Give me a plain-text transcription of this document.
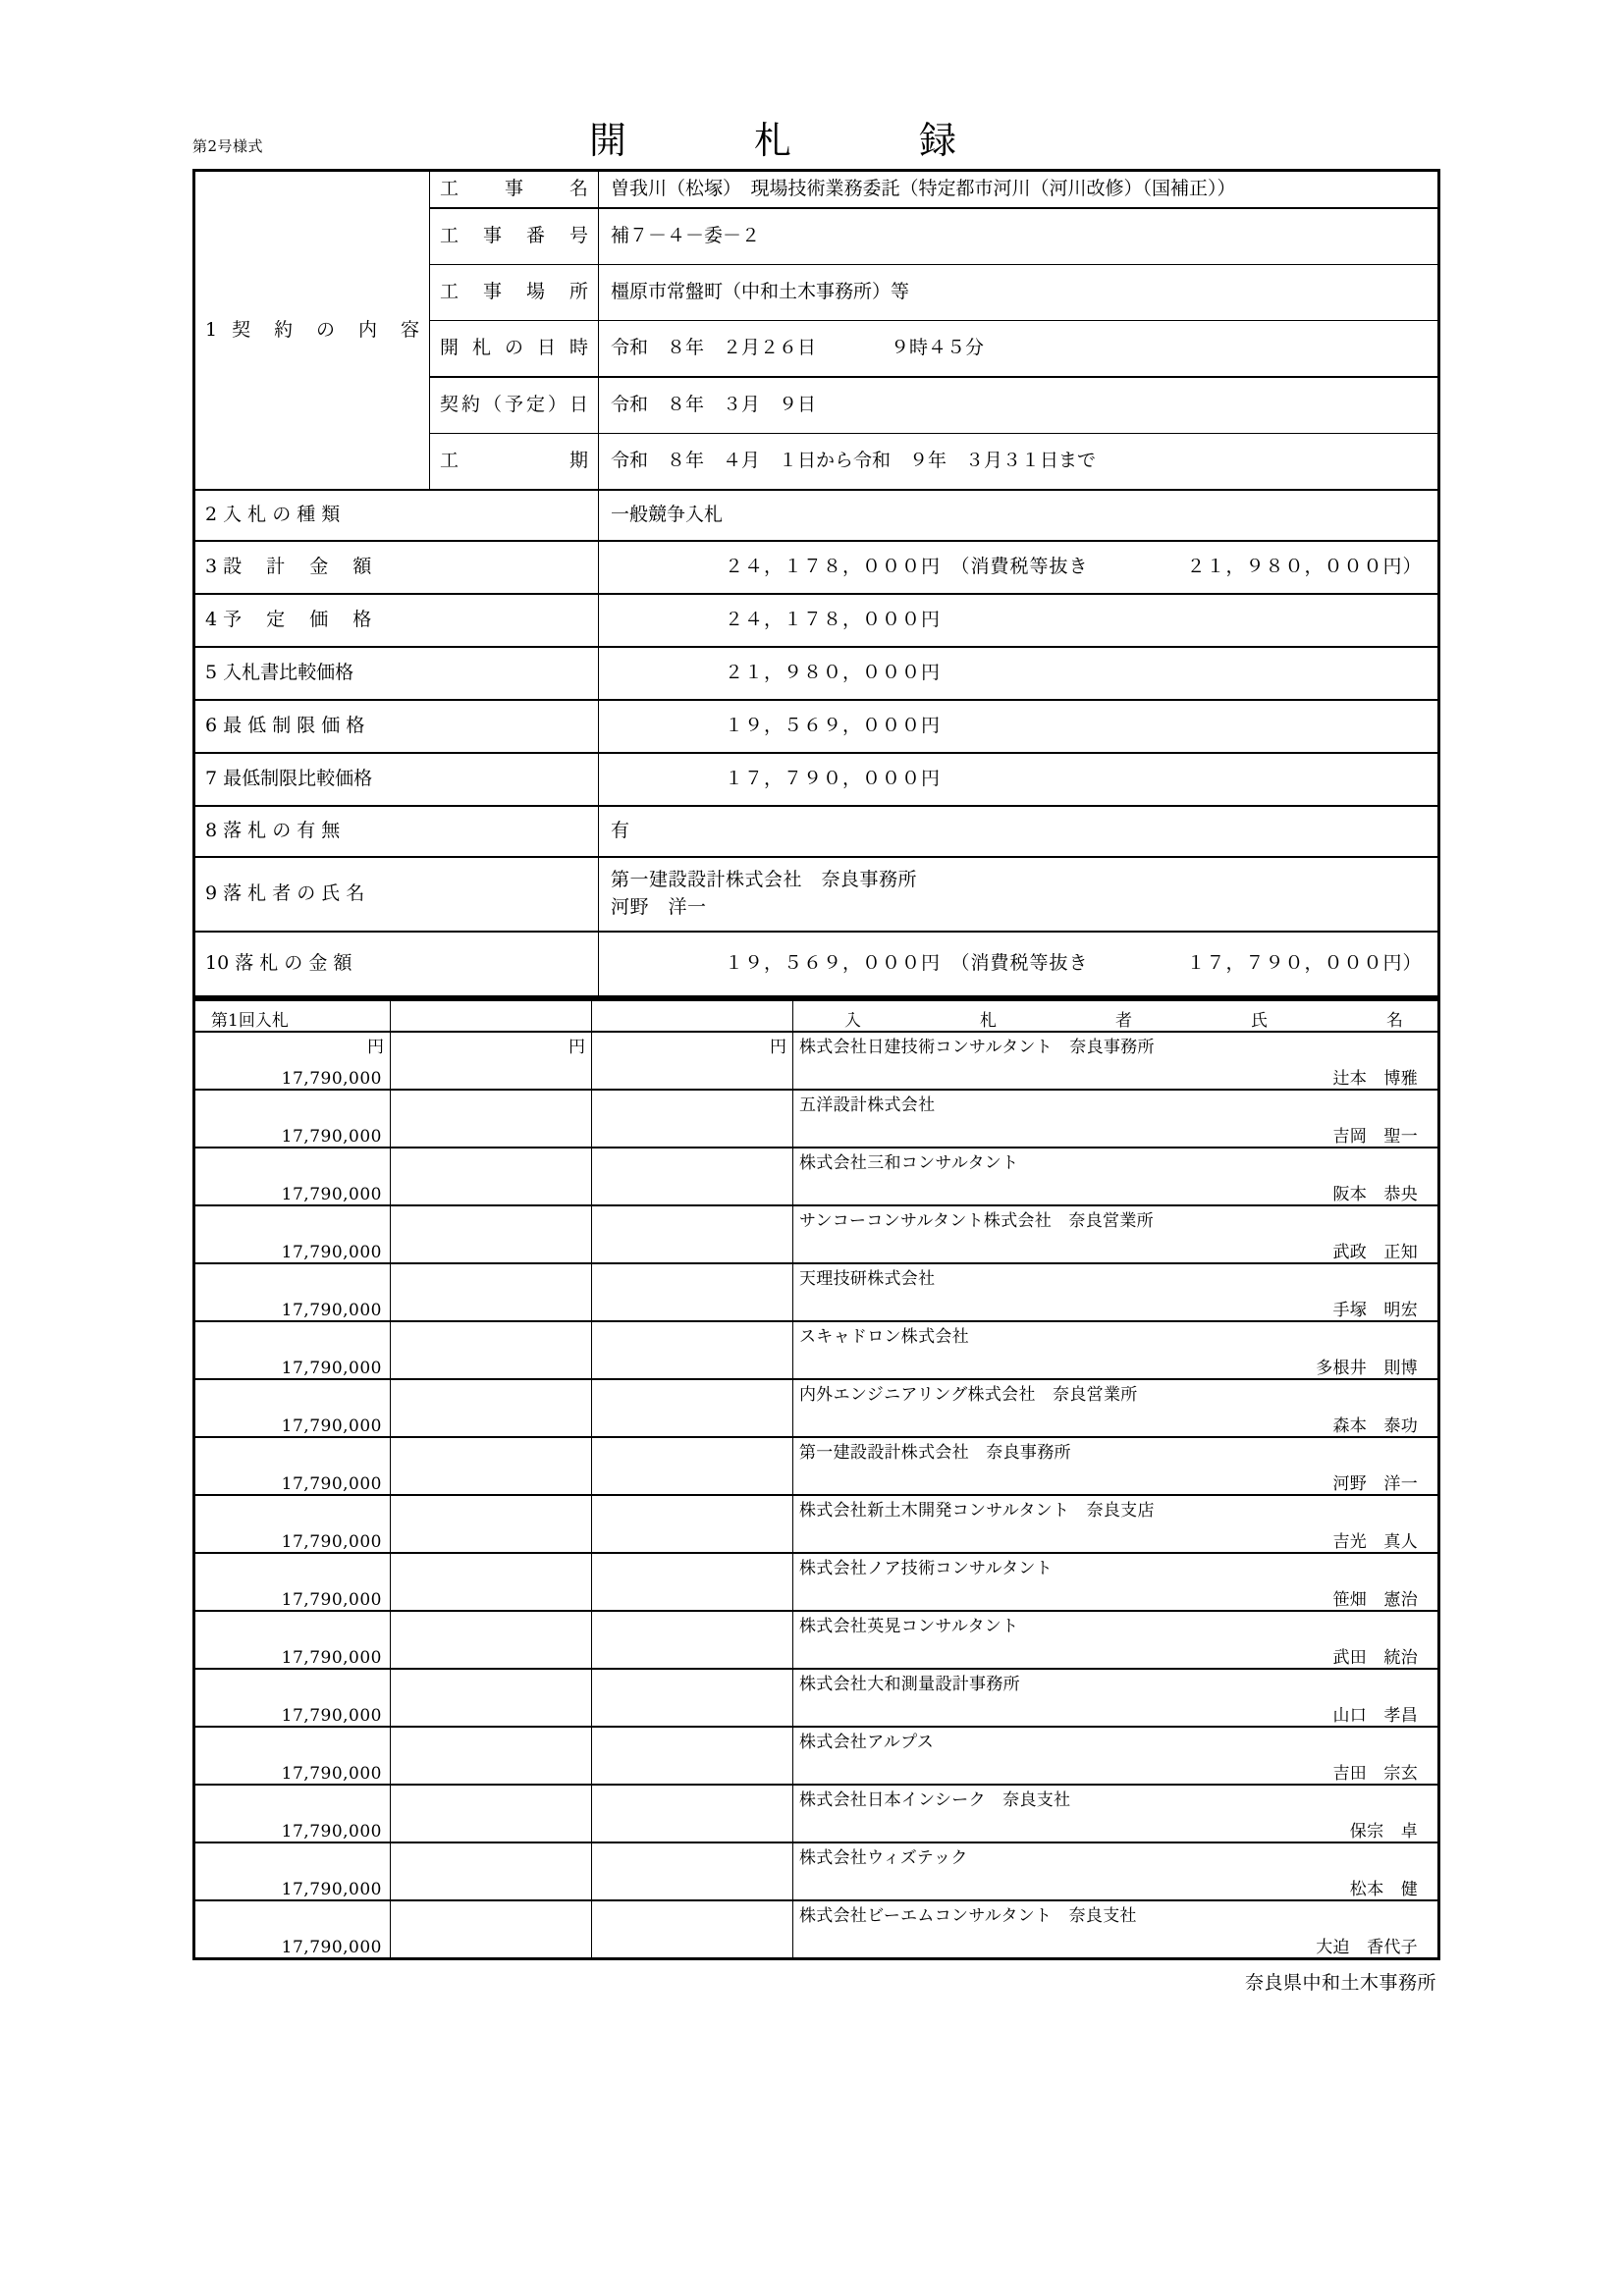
第2号様式	開　札　録
1 契 約 の 内 容	工　　事　　名	曽我川（松塚）　現場技術業務委託（特定都市河川（河川改修）（国補正））
	工　事　番　号	補７－４－委－２
	工　事　場　所	橿原市常盤町（中和土木事務所）等
	開 札 の 日 時	令和　８年　２月２６日　　　　９時４５分
	契約（予定）日	令和　８年　３月　９日
	工　　　　　期	令和　８年　４月　１日から令和　９年　３月３１日まで

2 入 札 の 種 類		一般競争入札
3 設 　計 　金 　額		２４，１７８，０００円　（消費税等抜き　　　　　２１，９８０，０００円）
4 予 　定 　価 　格		２４，１７８，０００円
5 入札書比較価格		２１，９８０，０００円
6 最 低 制 限 価 格		１９，５６９，０００円
7 最低制限比較価格		１７，７９０，０００円
8 落 札 の 有 無		有
9 落 札 者 の 氏 名		第一建設設計株式会社　奈良事務所
河野　洋一

10 落 札 の 金 額		１９，５６９，０００円　（消費税等抜き　　　　　１７，７９０，０００円）
第1回入札			入　札　者　氏　名
円	円	円	株式会社日建技術コンサルタント　奈良事務所
17,790,000			辻本　博雅
			五洋設計株式会社
17,790,000			吉岡　聖一
			株式会社三和コンサルタント
17,790,000			阪本　恭央
			サンコーコンサルタント株式会社　奈良営業所
17,790,000			武政　正知
			天理技研株式会社
17,790,000			手塚　明宏
			スキャドロン株式会社
17,790,000			多根井　則博
			内外エンジニアリング株式会社　奈良営業所
17,790,000			森本　泰功
			第一建設設計株式会社　奈良事務所
17,790,000			河野　洋一
			株式会社新土木開発コンサルタント　奈良支店
17,790,000			吉光　真人
			株式会社ノア技術コンサルタント
17,790,000			笹畑　憲治
			株式会社英晃コンサルタント
17,790,000			武田　統治
			株式会社大和測量設計事務所
17,790,000			山口　孝昌
			株式会社アルプス
17,790,000			吉田　宗玄
			株式会社日本インシーク　奈良支社
17,790,000			保宗　卓
			株式会社ウィズテック
17,790,000			松本　健
			株式会社ビーエムコンサルタント　奈良支社
17,790,000			大迫　香代子
奈良県中和土木事務所
